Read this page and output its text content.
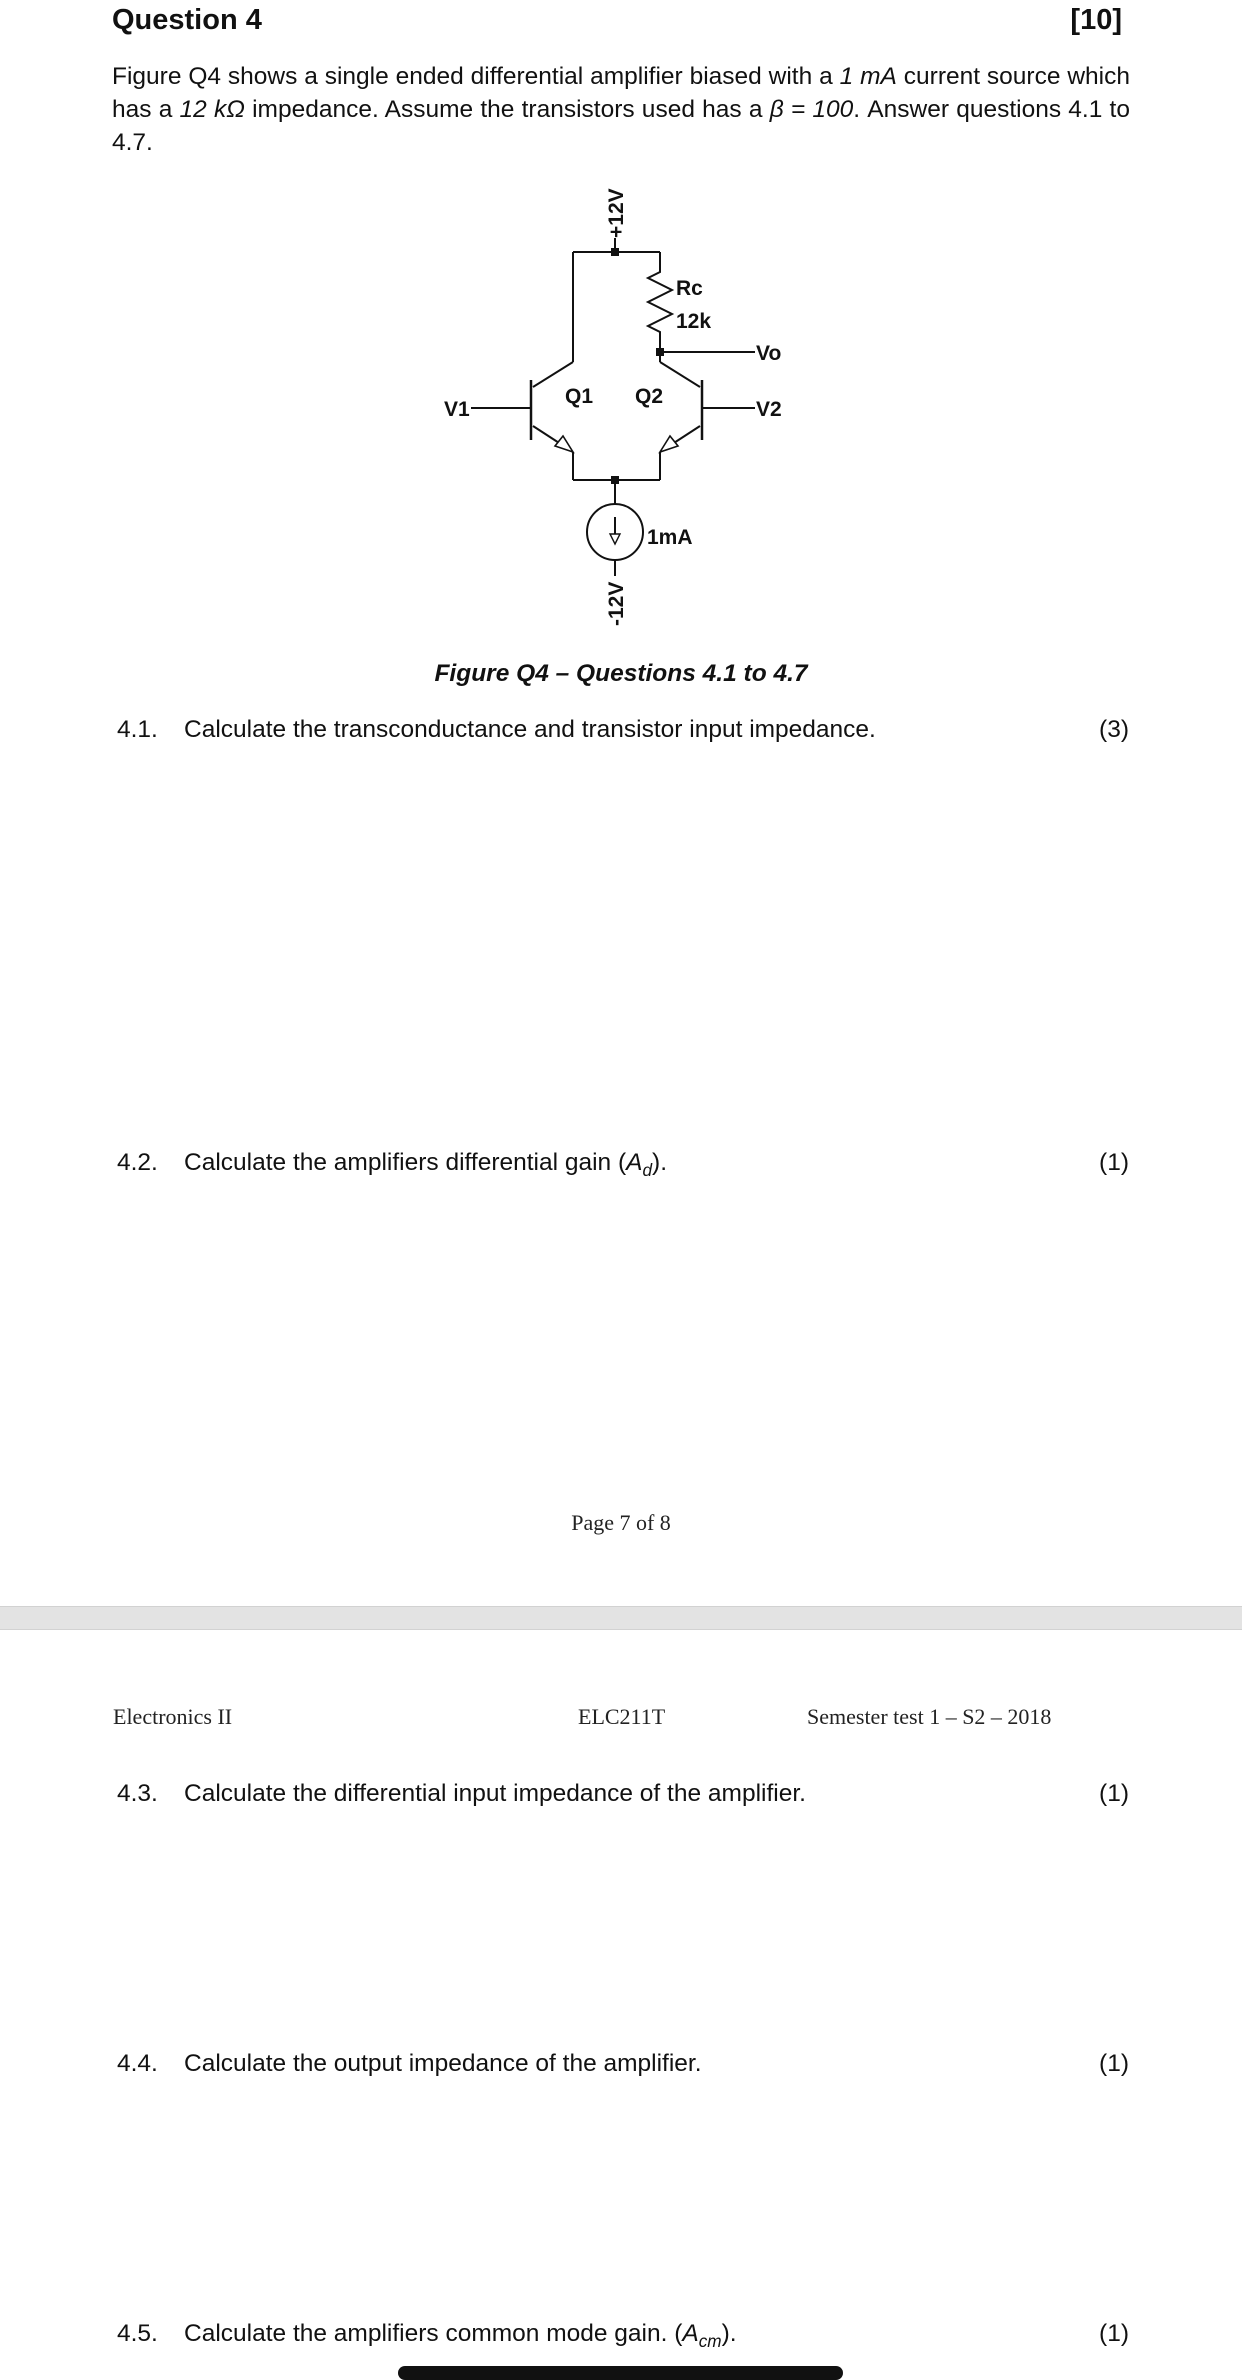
Question 4	[10]
Figure Q4 shows a single ended differential amplifier biased with a 1 mA current source which has a 12 kΩ impedance. Assume the transistors used has a β = 100. Answer questions 4.1 to 4.7.
+12V
-12V
Rc
12k
Vo
V1	V2
Q1 Q2
1mA
Figure Q4 – Questions 4.1 to 4.7
4.1. Calculate the transconductance and transistor input impedance.	(3)
4.2. Calculate the amplifiers differential gain $(A_d)$.	(1)
Page 7 of 8
Electronics II	ELC211T	Semester test 1 – S2 – 2018
4.3. Calculate the differential input impedance of the amplifier.	(1)
4.4. Calculate the output impedance of the amplifier.	(1)
4.5. Calculate the amplifiers common mode gain. $(A_{cm})$.	(1)
